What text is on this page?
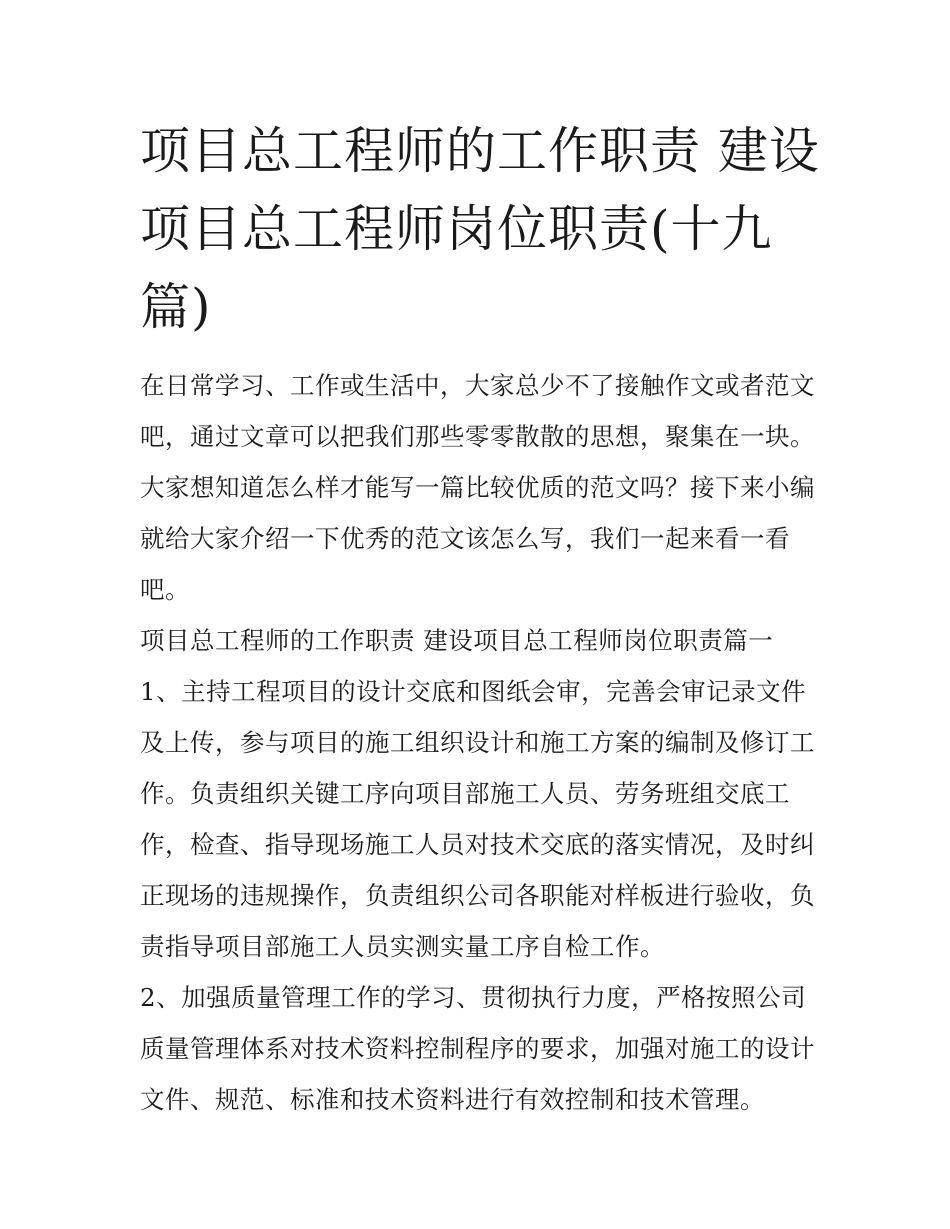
项目总工程师的工作职责 建设项目总工程师岗位职责(十九篇)

在日常学习、工作或生活中，大家总少不了接触作文或者范文吧，通过文章可以把我们那些零零散散的思想，聚集在一块。大家想知道怎么样才能写一篇比较优质的范文吗？接下来小编就给大家介绍一下优秀的范文该怎么写，我们一起来看一看吧。

项目总工程师的工作职责 建设项目总工程师岗位职责篇一

1、主持工程项目的设计交底和图纸会审，完善会审记录文件及上传，参与项目的施工组织设计和施工方案的编制及修订工作。负责组织关键工序向项目部施工人员、劳务班组交底工作，检查、指导现场施工人员对技术交底的落实情况，及时纠正现场的违规操作，负责组织公司各职能对样板进行验收，负责指导项目部施工人员实测实量工序自检工作。

2、加强质量管理工作的学习、贯彻执行力度，严格按照公司质量管理体系对技术资料控制程序的要求，加强对施工的设计文件、规范、标准和技术资料进行有效控制和技术管理。
